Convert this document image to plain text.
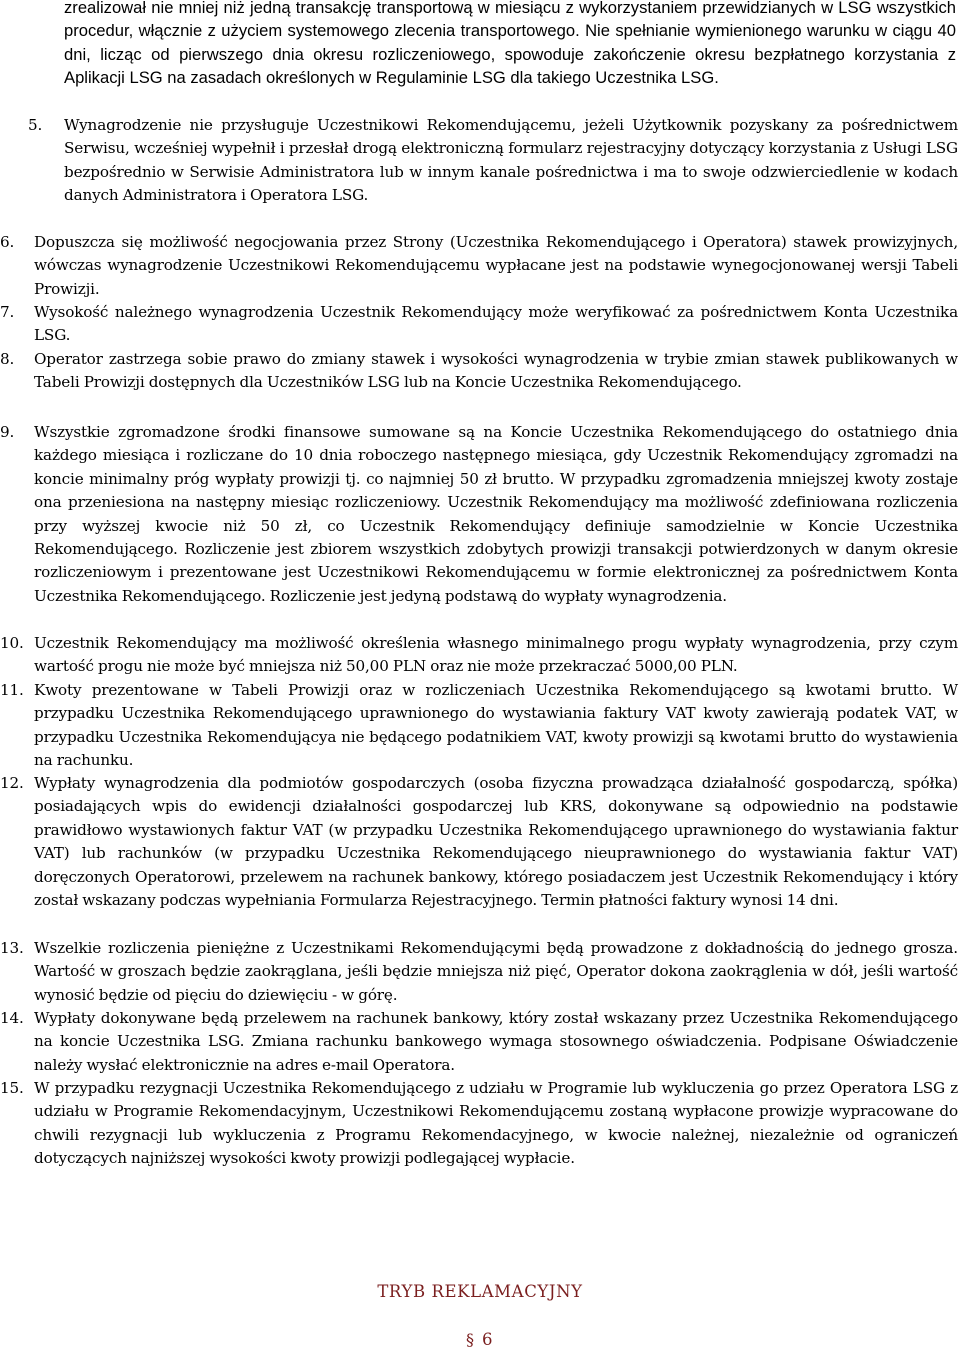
zrealizował nie mniej niż jedną transakcję transportową w miesiącu z wykorzystaniem przewidzianych w LSG wszystkich procedur, włącznie z użyciem systemowego zlecenia transportowego. Nie spełnianie wymienionego warunku w ciągu 40 dni, licząc od pierwszego dnia okresu rozliczeniowego, spowoduje zakończenie okresu bezpłatnego korzystania z Aplikacji LSG na zasadach określonych w Regulaminie LSG dla takiego Uczestnika LSG.
5.	Wynagrodzenie nie przysługuje Uczestnikowi Rekomendującemu, jeżeli Użytkownik pozyskany za pośrednictwem Serwisu, wcześniej wypełnił i przesłał drogą elektroniczną formularz rejestracyjny dotyczący korzystania z Usługi LSG bezpośrednio w Serwisie Administratora lub w innym kanale pośrednictwa i ma to swoje odzwierciedlenie w kodach danych Administratora i Operatora LSG.
6.	Dopuszcza się możliwość negocjowania przez Strony (Uczestnika Rekomendującego i Operatora) stawek prowizyjnych, wówczas wynagrodzenie Uczestnikowi Rekomendującemu wypłacane jest na podstawie wynegocjonowanej wersji Tabeli Prowizji.
7.	Wysokość należnego wynagrodzenia Uczestnik Rekomendujący może weryfikować za pośrednictwem Konta Uczestnika LSG.
8.	Operator zastrzega sobie prawo do zmiany stawek i wysokości wynagrodzenia w trybie zmian stawek publikowanych w Tabeli Prowizji dostępnych dla Uczestników LSG lub na Koncie Uczestnika Rekomendującego.
9.	Wszystkie zgromadzone środki finansowe sumowane są na Koncie Uczestnika Rekomendującego do ostatniego dnia każdego miesiąca i rozliczane do 10 dnia roboczego następnego miesiąca, gdy Uczestnik Rekomendujący zgromadzi na koncie minimalny próg wypłaty prowizji tj. co najmniej 50 zł brutto. W przypadku zgromadzenia mniejszej kwoty zostaje ona przeniesiona na następny miesiąc rozliczeniowy. Uczestnik Rekomendujący ma możliwość zdefiniowana rozliczenia przy wyższej kwocie niż 50 zł, co Uczestnik Rekomendujący definiuje samodzielnie w Koncie Uczestnika Rekomendującego. Rozliczenie jest zbiorem wszystkich zdobytych prowizji transakcji potwierdzonych w danym okresie rozliczeniowym i prezentowane jest Uczestnikowi Rekomendującemu w formie elektronicznej za pośrednictwem Konta Uczestnika Rekomendującego. Rozliczenie jest jedyną podstawą do wypłaty wynagrodzenia.
10. Uczestnik Rekomendujący ma możliwość określenia własnego minimalnego progu wypłaty wynagrodzenia, przy czym wartość progu nie może być mniejsza niż 50,00 PLN oraz nie może przekraczać 5000,00 PLN.
11. Kwoty prezentowane w Tabeli Prowizji oraz w rozliczeniach Uczestnika Rekomendującego są kwotami brutto. W przypadku Uczestnika Rekomendującego uprawnionego do wystawiania faktury VAT kwoty zawierają podatek VAT, w przypadku Uczestnika Rekomendującya nie będącego podatnikiem VAT, kwoty prowizji są kwotami brutto do wystawienia na rachunku.
12. Wypłaty wynagrodzenia dla podmiotów gospodarczych (osoba fizyczna prowadząca działalność gospodarczą, spółka) posiadających wpis do ewidencji działalności gospodarczej lub KRS, dokonywane są odpowiednio na podstawie prawidłowo wystawionych faktur VAT (w przypadku Uczestnika Rekomendującego uprawnionego do wystawiania faktur VAT) lub rachunków (w przypadku Uczestnika Rekomendującego nieuprawnionego do wystawiania faktur VAT) doręczonych Operatorowi, przelewem na rachunek bankowy, którego posiadaczem jest Uczestnik Rekomendujący i który został wskazany podczas wypełniania Formularza Rejestracyjnego. Termin płatności faktury wynosi 14 dni.
13. Wszelkie rozliczenia pieniężne z Uczestnikami Rekomendującymi będą prowadzone z dokładnością do jednego grosza. Wartość w groszach będzie zaokrąglana, jeśli będzie mniejsza niż pięć, Operator dokona zaokrąglenia w dół, jeśli wartość wynosić będzie od pięciu do dziewięciu - w górę.
14. Wypłaty dokonywane będą przelewem na rachunek bankowy, który został wskazany przez Uczestnika Rekomendującego na koncie Uczestnika LSG. Zmiana rachunku bankowego wymaga stosownego oświadczenia. Podpisane Oświadczenie należy wysłać elektronicznie na adres e-mail Operatora.
15. W przypadku rezygnacji Uczestnika Rekomendującego z udziału w Programie lub wykluczenia go przez Operatora LSG z udziału w Programie Rekomendacyjnym, Uczestnikowi Rekomendującemu zostaną wypłacone prowizje wypracowane do chwili rezygnacji lub wykluczenia z Programu Rekomendacyjnego, w kwocie należnej, niezależnie od ograniczeń dotyczących najniższej wysokości kwoty prowizji podlegającej wypłacie.
TRYB REKLAMACYJNY
§ 6
